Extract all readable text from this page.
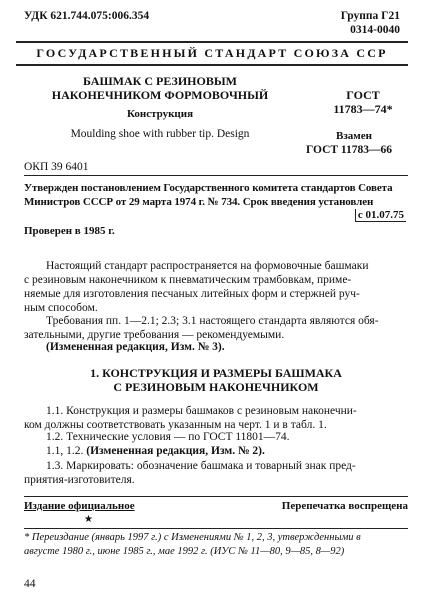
УДК 621.744.075:006.354	Группа Г21
0314-0040
ГОСУДАРСТВЕННЫЙ СТАНДАРТ СОЮЗА ССР
БАШМАК С РЕЗИНОВЫМ
НАКОНЕЧНИКОМ ФОРМОВОЧНЫЙ
Конструкция
Moulding shoe with rubber tip. Design
ГОСТ
11783—74*
Взамен
ГОСТ 11783—66
ОКП 39 6401
Утвержден постановлением Государственного комитета стандартов Совета
Министров СССР от 29 марта 1974 г. № 734. Срок введения установлен
с 01.07.75
Проверен в 1985 г.

Настоящий стандарт распространяется на формовочные башмаки

с резиновым наконечником к пневматическим трамбовкам, приме-

няемые для изготовления песчаных литейных форм и стержней руч-

ным способом.

Требования пп. 1—2.1; 2.3; 3.1 настоящего стандарта являются обя-

зательными, другие требования — рекомендуемыми.

(Измененная редакция, Изм. № 3).
1. КОНСТРУКЦИЯ И РАЗМЕРЫ БАШМАКА
С РЕЗИНОВЫМ НАКОНЕЧНИКОМ

1.1. Конструкция и размеры башмаков с резиновым наконечни-

ком должны соответствовать указанным на черт. 1 и в табл. 1.

1.2. Технические условия — по ГОСТ 11801—74.
1.1, 1.2. (Измененная редакция, Изм. № 2).

1.3. Маркировать: обозначение башмака и товарный знак пред-

приятия-изготовителя.

Издание официальное	Перепечатка воспрещена
★
* Переиздание (январь 1997 г.) с Изменениями № 1, 2, 3, утвержденными в
августе 1980 г., июне 1985 г., мае 1992 г. (ИУС № 11—80, 9—85, 8—92)
44
